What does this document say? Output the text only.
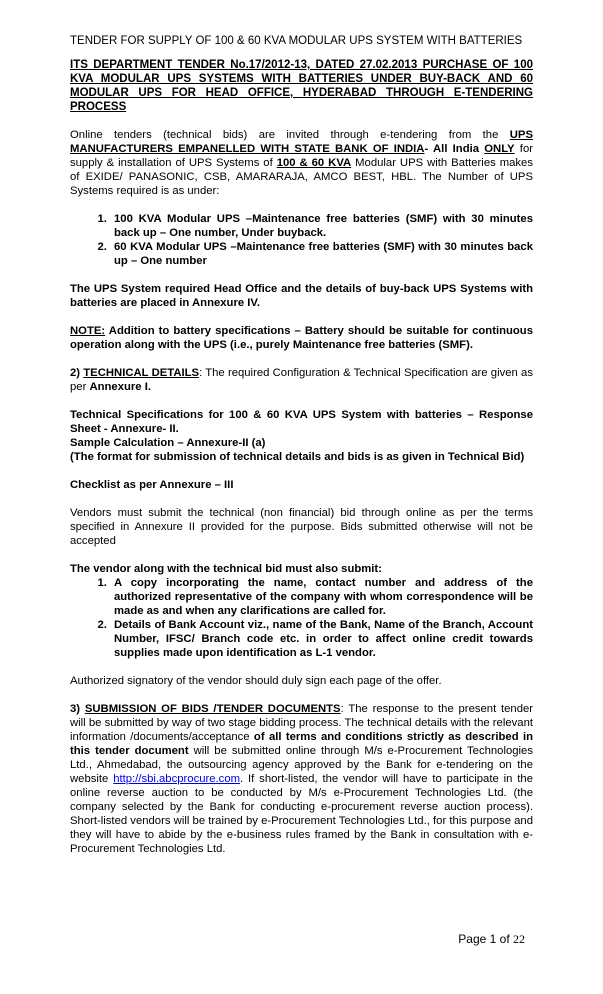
TENDER FOR SUPPLY OF 100 & 60 KVA MODULAR UPS SYSTEM WITH BATTERIES

ITS DEPARTMENT TENDER No.17/2012-13, DATED 27.02.2013 PURCHASE OF 100 KVA MODULAR UPS SYSTEMS WITH BATTERIES UNDER BUY-BACK AND 60 MODULAR UPS FOR HEAD OFFICE, HYDERABAD THROUGH E-TENDERING PROCESS

Online tenders (technical bids) are invited through e-tendering from the UPS MANUFACTURERS EMPANELLED WITH STATE BANK OF INDIA- All India ONLY for supply & installation of UPS Systems of 100 & 60 KVA Modular UPS with Batteries makes of EXIDE/ PANASONIC, CSB, AMARARAJA, AMCO BEST, HBL. The Number of UPS Systems required is as under:

1. 100 KVA Modular UPS –Maintenance free batteries (SMF) with 30 minutes back up – One number, Under buyback.
2. 60 KVA Modular UPS –Maintenance free batteries (SMF) with 30 minutes back up – One number

The UPS System required Head Office and the details of buy-back UPS Systems with batteries are placed in Annexure IV.

NOTE: Addition to battery specifications – Battery should be suitable for continuous operation along with the UPS (i.e., purely Maintenance free batteries (SMF).

2) TECHNICAL DETAILS: The required Configuration & Technical Specification are given as per Annexure I.

Technical Specifications for 100 & 60 KVA UPS System with batteries – Response Sheet - Annexure- II.

Sample Calculation – Annexure-II (a)

(The format for submission of technical details and bids is as given in Technical Bid)

Checklist as per Annexure – III

Vendors must submit the technical (non financial) bid through online as per the terms specified in Annexure II provided for the purpose. Bids submitted otherwise will not be accepted

The vendor along with the technical bid must also submit:

1. A copy incorporating the name, contact number and address of the authorized representative of the company with whom correspondence will be made as and when any clarifications are called for.
2. Details of Bank Account viz., name of the Bank, Name of the Branch, Account Number, IFSC/ Branch code etc. in order to affect online credit towards supplies made upon identification as L-1 vendor.

Authorized signatory of the vendor should duly sign each page of the offer.

3) SUBMISSION OF BIDS /TENDER DOCUMENTS: The response to the present tender will be submitted by way of two stage bidding process. The technical details with the relevant information /documents/acceptance of all terms and conditions strictly as described in this tender document will be submitted online through M/s e-Procurement Technologies Ltd., Ahmedabad, the outsourcing agency approved by the Bank for e-tendering on the website http://sbi.abcprocure.com. If short-listed, the vendor will have to participate in the online reverse auction to be conducted by M/s e-Procurement Technologies Ltd. (the company selected by the Bank for conducting e-procurement reverse auction process). Short-listed vendors will be trained by e-Procurement Technologies Ltd., for this purpose and they will have to abide by the e-business rules framed by the Bank in consultation with e-Procurement Technologies Ltd.

Page 1 of 22
